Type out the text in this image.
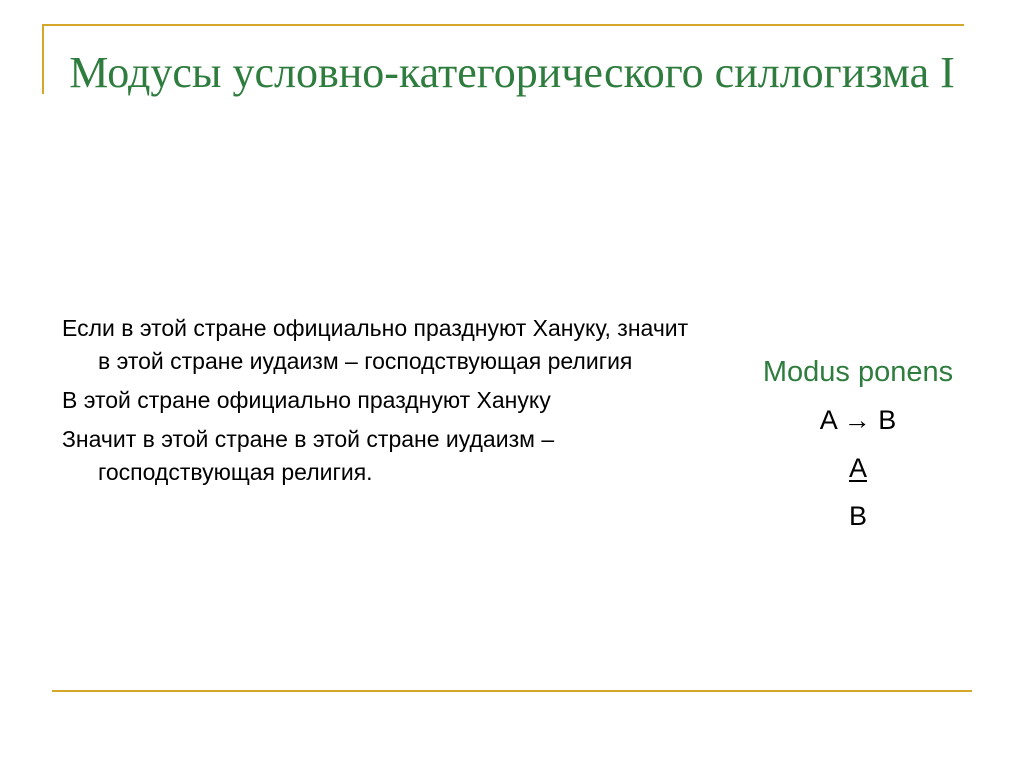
Модусы условно-категорического силлогизма I
Если в этой стране официально празднуют Хануку, значит в этой стране иудаизм – господствующая религия
В этой стране официально празднуют Хануку
Значит в этой стране в этой стране иудаизм – господствующая религия.
Modus ponens
A → B
A
B
